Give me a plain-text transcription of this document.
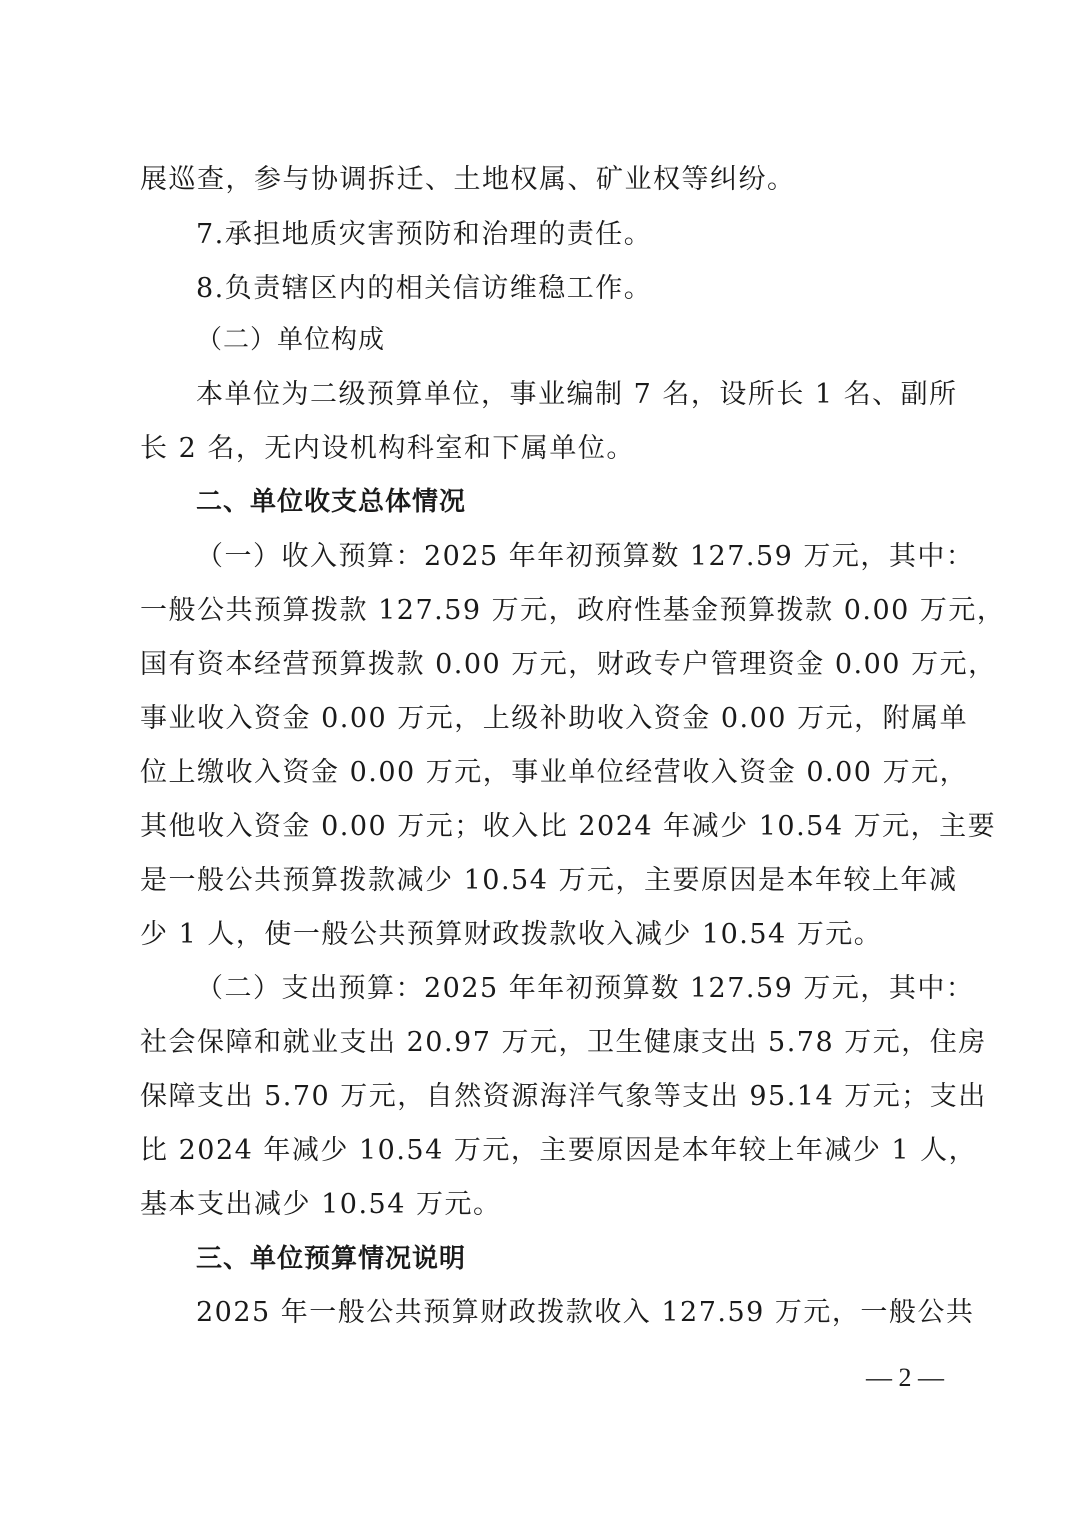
展巡查，参与协调拆迁、土地权属、矿业权等纠纷。
7.承担地质灾害预防和治理的责任。
8.负责辖区内的相关信访维稳工作。
（二）单位构成
本单位为二级预算单位，事业编制 7 名，设所长 1 名、副所
长 2 名，无内设机构科室和下属单位。
二、单位收支总体情况
（一）收入预算：2025 年年初预算数 127.59 万元，其中：
一般公共预算拨款 127.59 万元，政府性基金预算拨款 0.00 万元，
国有资本经营预算拨款 0.00 万元，财政专户管理资金 0.00 万元，
事业收入资金 0.00 万元，上级补助收入资金 0.00 万元，附属单
位上缴收入资金 0.00 万元，事业单位经营收入资金 0.00 万元，
其他收入资金 0.00 万元；收入比 2024 年减少 10.54 万元，主要
是一般公共预算拨款减少 10.54 万元，主要原因是本年较上年减
少 1 人，使一般公共预算财政拨款收入减少 10.54 万元。
（二）支出预算：2025 年年初预算数 127.59 万元，其中：
社会保障和就业支出 20.97 万元，卫生健康支出 5.78 万元，住房
保障支出 5.70 万元，自然资源海洋气象等支出 95.14 万元；支出
比 2024 年减少 10.54 万元，主要原因是本年较上年减少 1 人，
基本支出减少 10.54 万元。
三、单位预算情况说明
2025 年一般公共预算财政拨款收入 127.59 万元，一般公共
— 2 —
